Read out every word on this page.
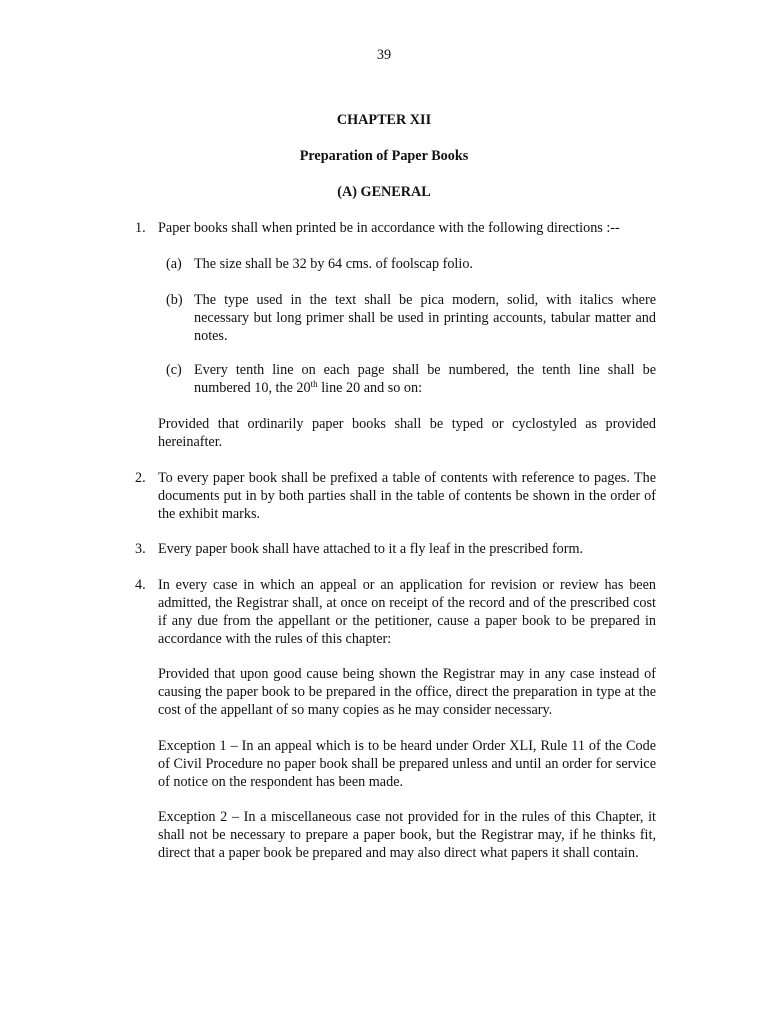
39
CHAPTER XII
Preparation of Paper Books
(A) GENERAL
1. Paper books shall when printed be in accordance with the following directions :--

(a) The size shall be 32 by 64 cms. of foolscap folio.

(b) The type used in the text shall be pica modern, solid, with italics where necessary but long primer shall be used in printing accounts, tabular matter and notes.

(c) Every tenth line on each page shall be numbered, the tenth line shall be numbered 10, the 20th line 20 and so on:

Provided that ordinarily paper books shall be typed or cyclostyled as provided hereinafter.

2. To every paper book shall be prefixed a table of contents with reference to pages. The documents put in by both parties shall in the table of contents be shown in the order of the exhibit marks.

3. Every paper book shall have attached to it a fly leaf in the prescribed form.

4. In every case in which an appeal or an application for revision or review has been admitted, the Registrar shall, at once on receipt of the record and of the prescribed cost if any due from the appellant or the petitioner, cause a paper book to be prepared in accordance with the rules of this chapter:

Provided that upon good cause being shown the Registrar may in any case instead of causing the paper book to be prepared in the office, direct the preparation in type at the cost of the appellant of so many copies as he may consider necessary.

Exception 1 – In an appeal which is to be heard under Order XLI, Rule 11 of the Code of Civil Procedure no paper book shall be prepared unless and until an order for service of notice on the respondent has been made.

Exception 2 – In a miscellaneous case not provided for in the rules of this Chapter, it shall not be necessary to prepare a paper book, but the Registrar may, if he thinks fit, direct that a paper book be prepared and may also direct what papers it shall contain.
